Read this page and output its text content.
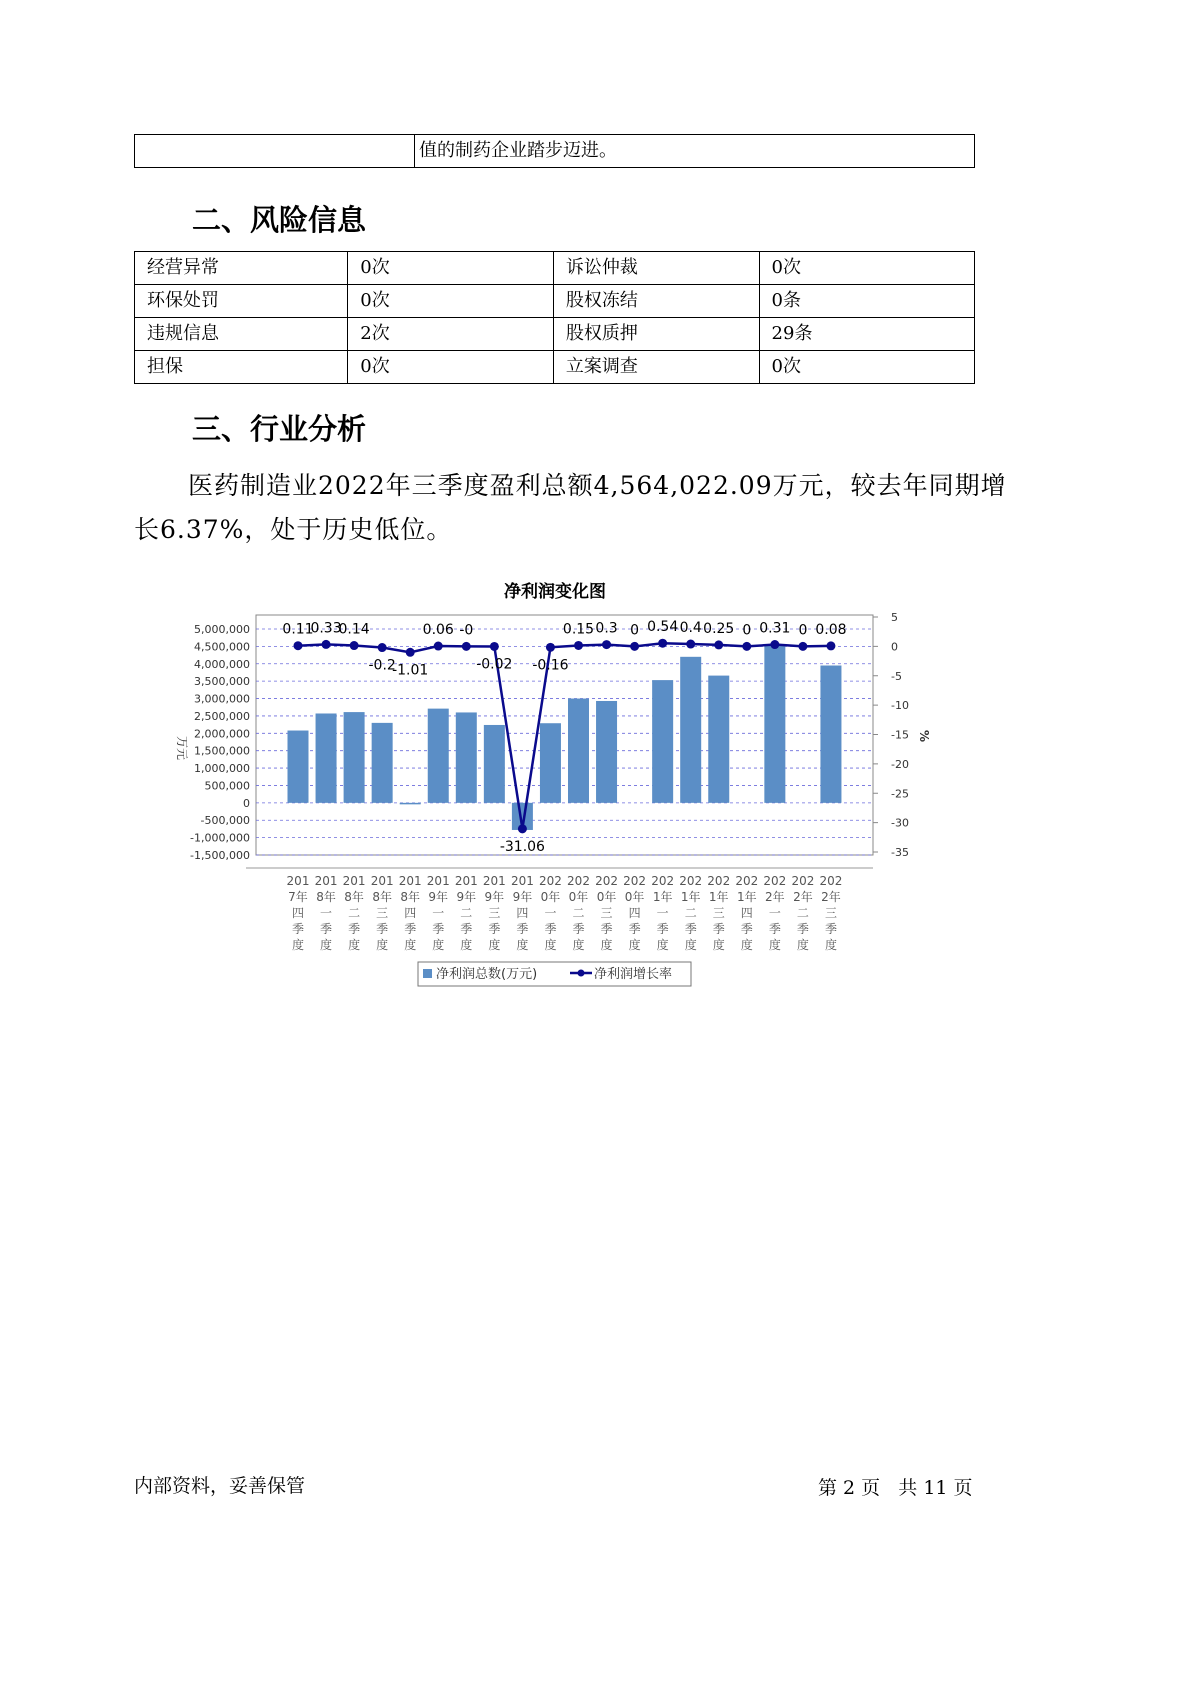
	值的制药企业踏步迈进。
二、风险信息
经营异常	0次	诉讼仲裁	0次
环保处罚	0次	股权冻结	0条
违规信息	2次	股权质押	29条
担保	0次	立案调查	0次
三、行业分析
医药制造业2022年三季度盈利总额4,564,022.09万元，较去年同期增
长6.37%，处于历史低位。
净利润变化图
5,000,000
4,500,000
4,000,000
3,500,000
3,000,000
2,500,000
2,000,000
1,500,000
1,000,000
500,000
0
-500,000
-1,000,000
-1,500,000
5
0
-5
-10
-15
-20
-25
-30
-35
万元	%
0.11
0.33
0.14
-0.2
-1.01
0.06 -0
-0.02
-31.06
-0.16
0.15 0.3 0 0.54 0.4 0.25 0 0.31 0 0.08
201
7年
四
季
度
201
8年
一
季
度
201
8年
二
季
度
201
8年
三
季
度
201
8年
四
季
度
201
9年
一
季
度
201
9年
二
季
度
201
9年
三
季
度
201
9年
四
季
度
202
0年
一
季
度
202
0年
二
季
度
202
0年
三
季
度
202
0年
四
季
度
202
1年
一
季
度
202
1年
二
季
度
202
1年
三
季
度
202
1年
四
季
度
202
2年
一
季
度
202
2年
二
季
度
202
2年
三
季
度
净利润总数(万元)	净利润增长率
内部资料，妥善保管	第 2 页   共 11 页
